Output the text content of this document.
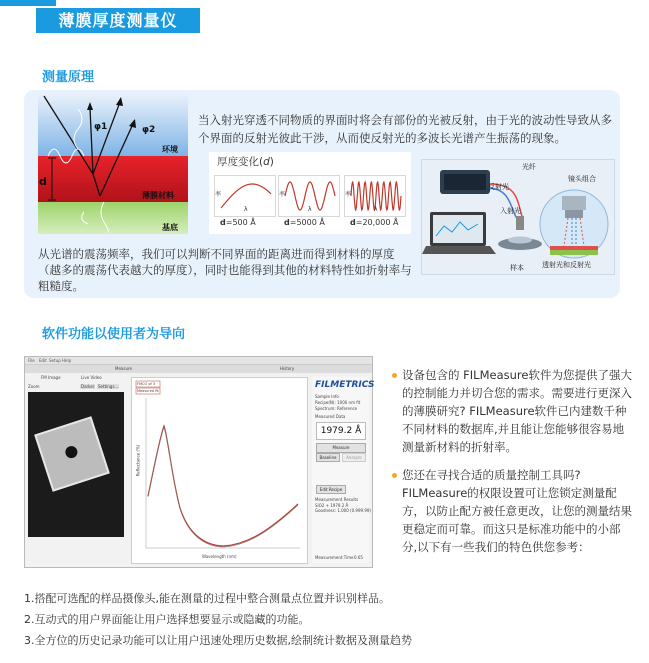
薄膜厚度测量仪
测量原理
d
φ1	φ2
环境
薄膜材料
基底
当入射光穿透不同物质的界面时将会有部份的光被反射，由于光的波动性导致从多个界面的反射光彼此干涉，从而使反射光的多波长光谱产生振荡的现象。
厚度变化(d)
率
λ
d=500 Å
率
λ
d=5000 Å
率
λ
d=20,000 Å
光纤
反射光
入射光
镜头组合
样本	透射光和反射光
从光谱的震荡频率，我们可以判断不同界面的距离进而得到材料的厚度（越多的震荡代表越大的厚度），同时也能得到其他的材料特性如折射率与粗糙度。
软件功能以使用者为导向
File Edit Setup Help
Measure	History
FM Image	Live Video
Zoom	Darker Settings...	FMCO of 3
Measured fit
Wavelength (nm)
Reflectance (%)
FILMETRICS
Sample Info
Recipe(N): 1000 nm fit
Spectrum: Reference
Measured Data
1979.2 Å
Measure
Baseline	Analyze
Edit Recipe
Measurement Results
SiO2 + 1979.2 Å
Goodness: 1.000 (0.999.99)
Measurement Time 0.65
设备包含的 FILMeasure软件为您提供了强大的控制能力并切合您的需求。需要进行更深入的薄膜研究? FILMeasure软件已内建数千种不同材料的数据库,并且能让您能够很容易地测量新材料的折射率。
您还在寻找合适的质量控制工具吗?FILMeasure的权限设置可让您锁定测量配方，以防止配方被任意更改，让您的测量结果更稳定而可靠。而这只是标准功能中的小部分,以下有一些我们的特色供您参考：
1.搭配可选配的样品摄像头,能在测量的过程中整合测量点位置并识别样品。
2.互动式的用户界面能让用户选择想要显示或隐藏的功能。
3.全方位的历史记录功能可以让用户迅速处理历史数据,绘制统计数据及测量趋势
